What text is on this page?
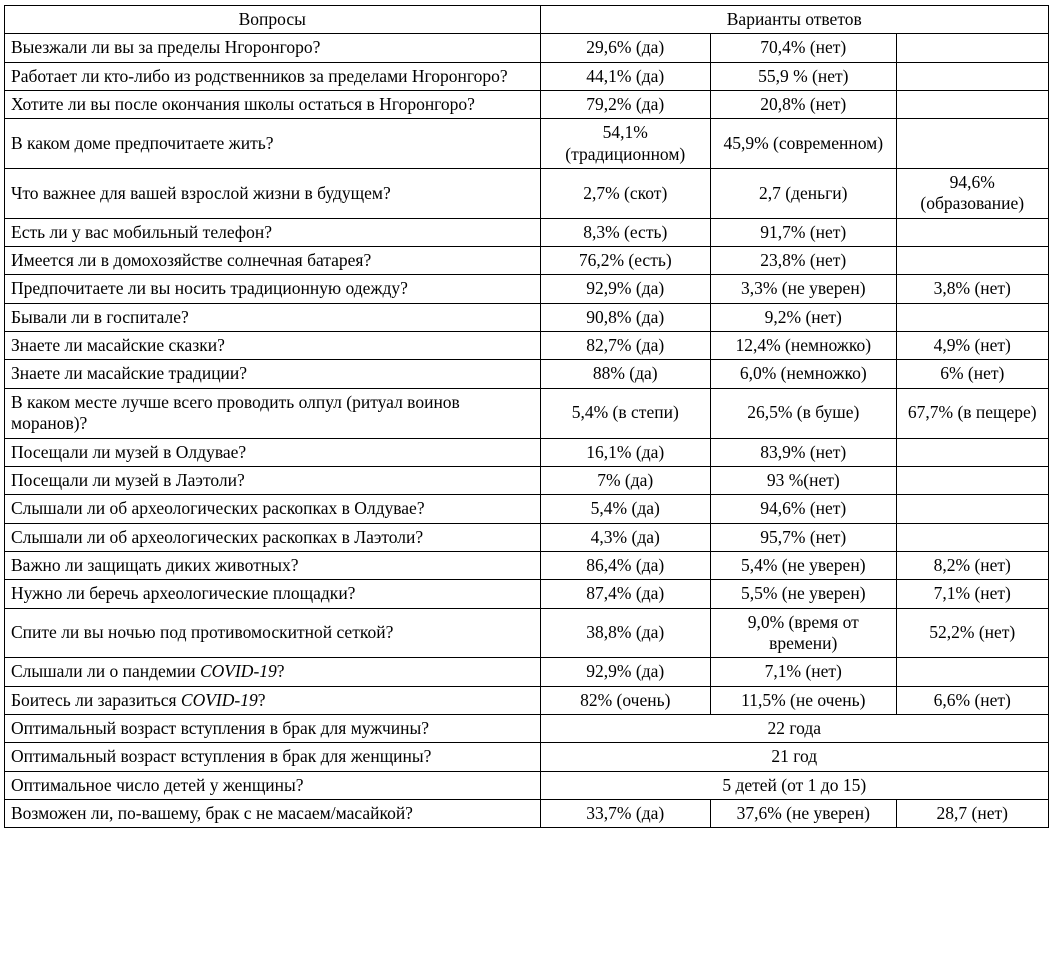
Вопросы	Варианты ответов		
Выезжали ли вы за пределы Нгоронгоро?	29,6% (да)	70,4% (нет)	
Работает ли кто-либо из родственников за пределами Нгоронгоро?	44,1% (да)	55,9 % (нет)	
Хотите ли вы после окончания школы остаться в Нгоронгоро?	79,2% (да)	20,8% (нет)	
В каком доме предпочитаете жить?	54,1% (традиционном)	45,9% (современном)	
Что важнее для вашей взрослой жизни в будущем?	2,7% (скот)	2,7 (деньги)	94,6% (образование)
Есть ли у вас мобильный телефон?	8,3% (есть)	91,7% (нет)	
Имеется ли в домохозяйстве солнечная батарея?	76,2% (есть)	23,8% (нет)	
Предпочитаете ли вы носить традиционную одежду?	92,9% (да)	3,3% (не уверен)	3,8% (нет)
Бывали ли в госпитале?	90,8% (да)	9,2% (нет)	
Знаете ли масайские сказки?	82,7% (да)	12,4% (немножко)	4,9% (нет)
Знаете ли масайские традиции?	88% (да)	6,0% (немножко)	6% (нет)
В каком месте лучше всего проводить олпул (ритуал воинов моранов)?	5,4% (в степи)	26,5% (в буше)	67,7% (в пещере)
Посещали ли музей в Олдувае?	16,1% (да)	83,9% (нет)	
Посещали ли музей в Лаэтоли?	7% (да)	93 %(нет)	
Слышали ли об археологических раскопках в Олдувае?	5,4% (да)	94,6% (нет)	
Слышали ли об археологических раскопках в Лаэтоли?	4,3% (да)	95,7% (нет)	
Важно ли защищать диких животных?	86,4% (да)	5,4% (не уверен)	8,2% (нет)
Нужно ли беречь археологические площадки?	87,4% (да)	5,5% (не уверен)	7,1% (нет)
Спите ли вы ночью под противомоскитной сеткой?	38,8% (да)	9,0% (время от времени)	52,2% (нет)
Слышали ли о пандемии COVID-19?	92,9% (да)	7,1% (нет)	
Боитесь ли заразиться COVID-19?	82% (очень)	11,5% (не очень)	6,6% (нет)
Оптимальный возраст вступления в брак для мужчины?	22 года		
Оптимальный возраст вступления в брак для женщины?	21 год		
Оптимальное число детей у женщины?	5 детей (от 1 до 15)		
Возможен ли, по-вашему, брак с не масаем/масайкой?	33,7% (да)	37,6% (не уверен)	28,7 (нет)
